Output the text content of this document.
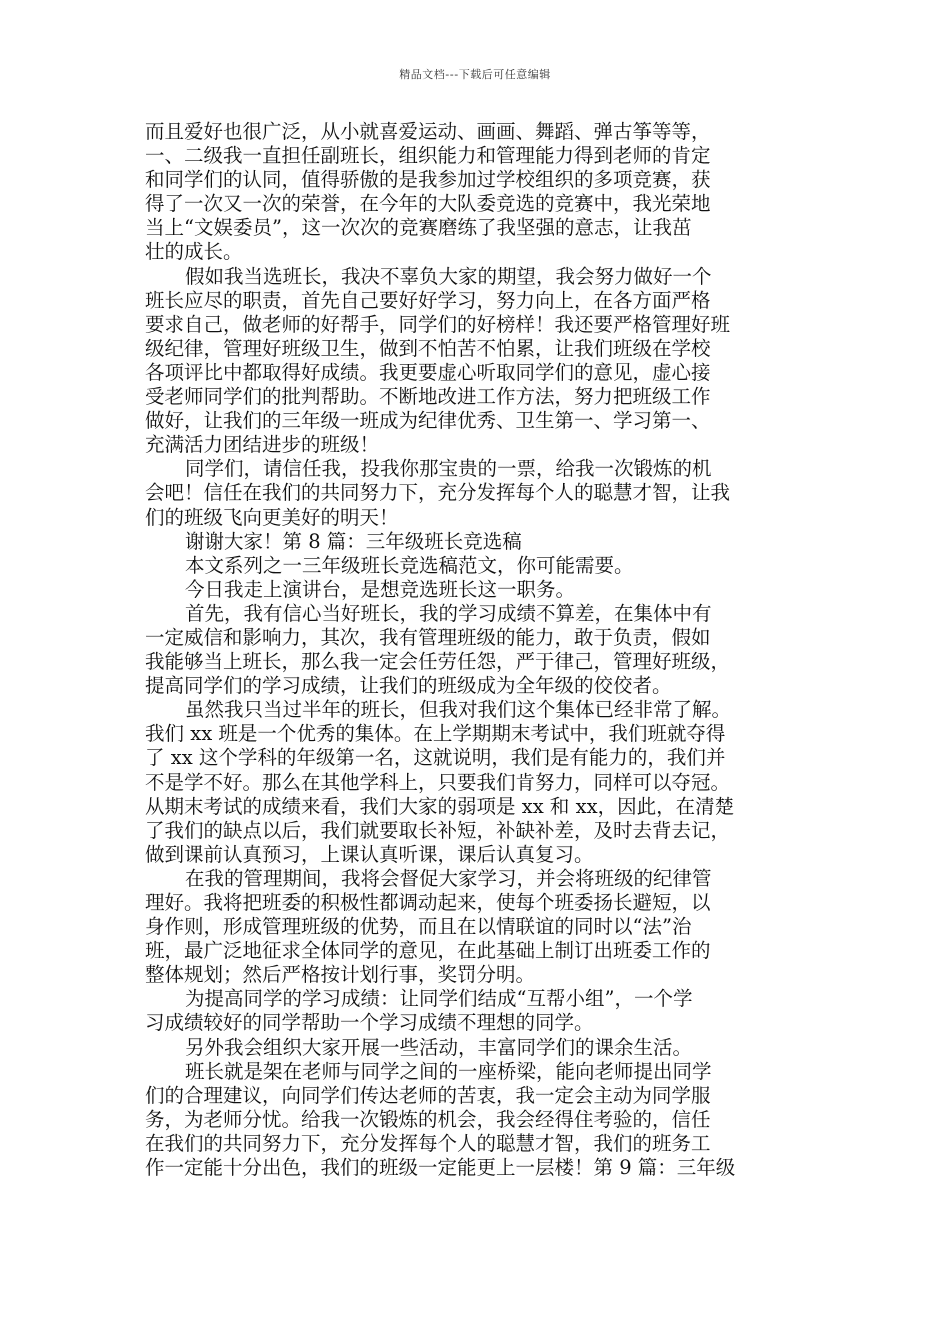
精品文档---下载后可任意编辑
而且爱好也很广泛，从小就喜爱运动、画画、舞蹈、弹古筝等等，
一、二级我一直担任副班长，组织能力和管理能力得到老师的肯定
和同学们的认同，值得骄傲的是我参加过学校组织的多项竞赛，获
得了一次又一次的荣誉，在今年的大队委竞选的竞赛中，我光荣地
当上“文娱委员”，这一次次的竞赛磨练了我坚强的意志，让我茁
壮的成长。
假如我当选班长，我决不辜负大家的期望，我会努力做好一个
班长应尽的职责，首先自己要好好学习，努力向上，在各方面严格
要求自己，做老师的好帮手，同学们的好榜样！我还要严格管理好班
级纪律，管理好班级卫生，做到不怕苦不怕累，让我们班级在学校
各项评比中都取得好成绩。我更要虚心听取同学们的意见，虚心接
受老师同学们的批判帮助。不断地改进工作方法，努力把班级工作
做好，让我们的三年级一班成为纪律优秀、卫生第一、学习第一、
充满活力团结进步的班级！
同学们，请信任我，投我你那宝贵的一票，给我一次锻炼的机
会吧！信任在我们的共同努力下，充分发挥每个人的聪慧才智，让我
们的班级飞向更美好的明天！
谢谢大家！第 8 篇：三年级班长竞选稿
本文系列之一三年级班长竞选稿范文，你可能需要。
今日我走上演讲台，是想竞选班长这一职务。
首先，我有信心当好班长，我的学习成绩不算差，在集体中有
一定威信和影响力，其次，我有管理班级的能力，敢于负责，假如
我能够当上班长，那么我一定会任劳任怨，严于律己，管理好班级，
提高同学们的学习成绩，让我们的班级成为全年级的佼佼者。
虽然我只当过半年的班长，但我对我们这个集体已经非常了解。
我们 xx 班是一个优秀的集体。在上学期期末考试中，我们班就夺得
了 xx 这个学科的年级第一名，这就说明，我们是有能力的，我们并
不是学不好。那么在其他学科上，只要我们肯努力，同样可以夺冠。
从期末考试的成绩来看，我们大家的弱项是 xx 和 xx，因此，在清楚
了我们的缺点以后，我们就要取长补短，补缺补差，及时去背去记，
做到课前认真预习，上课认真听课，课后认真复习。
在我的管理期间，我将会督促大家学习，并会将班级的纪律管
理好。我将把班委的积极性都调动起来，使每个班委扬长避短，以
身作则，形成管理班级的优势，而且在以情联谊的同时以“法”治
班，最广泛地征求全体同学的意见，在此基础上制订出班委工作的
整体规划；然后严格按计划行事，奖罚分明。
为提高同学的学习成绩：让同学们结成“互帮小组”，一个学
习成绩较好的同学帮助一个学习成绩不理想的同学。
另外我会组织大家开展一些活动，丰富同学们的课余生活。
班长就是架在老师与同学之间的一座桥梁，能向老师提出同学
们的合理建议，向同学们传达老师的苦衷，我一定会主动为同学服
务，为老师分忧。给我一次锻炼的机会，我会经得住考验的，信任
在我们的共同努力下，充分发挥每个人的聪慧才智，我们的班务工
作一定能十分出色，我们的班级一定能更上一层楼！第 9 篇：三年级
